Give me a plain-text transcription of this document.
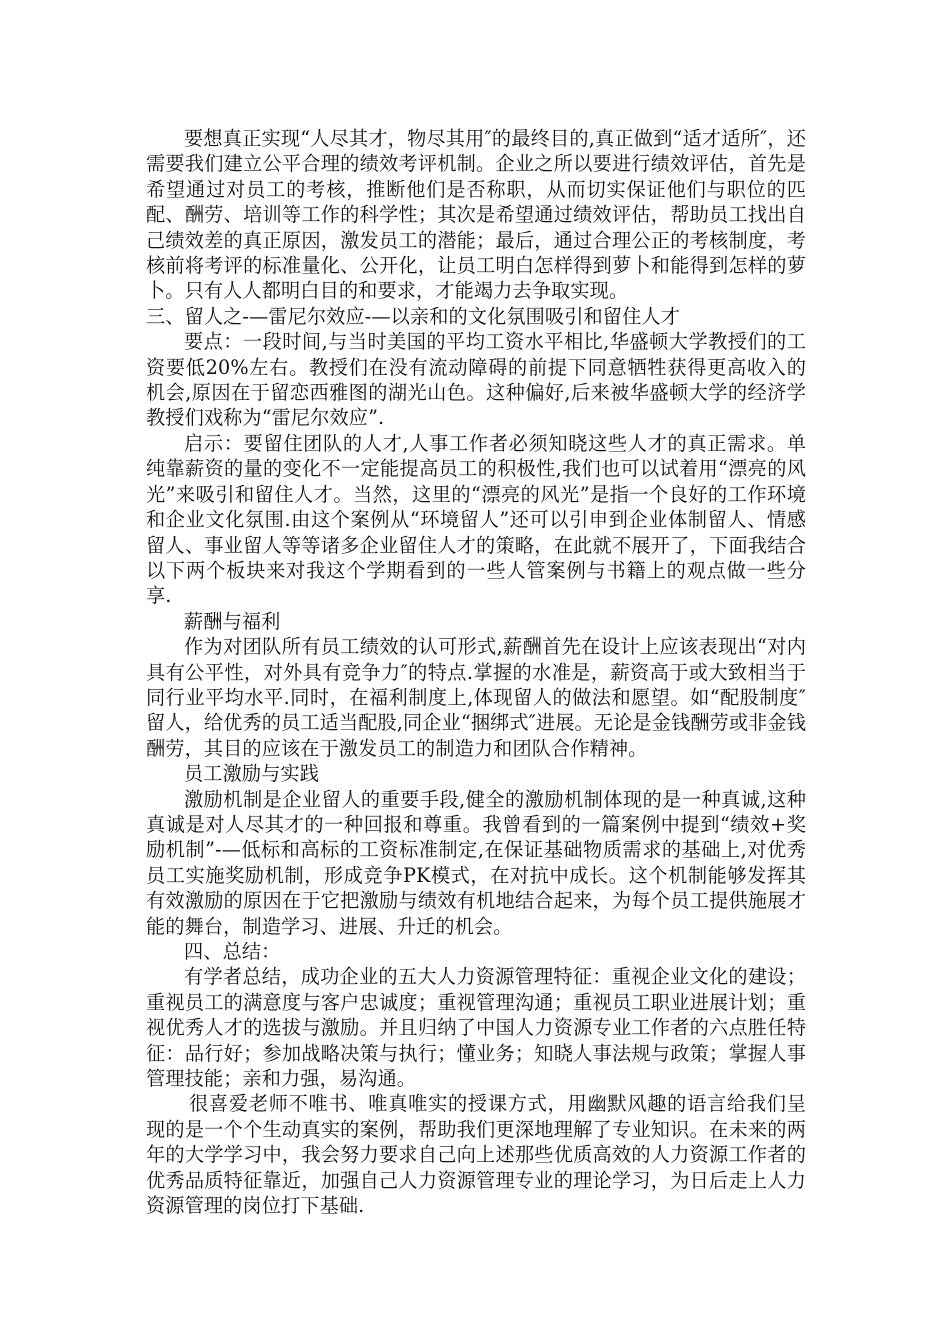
要想真正实现“人尽其才，物尽其用″的最终目的,真正做到“适才适所″，还需要我们建立公平合理的绩效考评机制。企业之所以要进行绩效评估，首先是希望通过对员工的考核，推断他们是否称职，从而切实保证他们与职位的匹配、酬劳、培训等工作的科学性；其次是希望通过绩效评估，帮助员工找出自己绩效差的真正原因，激发员工的潜能；最后，通过合理公正的考核制度，考核前将考评的标准量化、公开化，让员工明白怎样得到萝卜和能得到怎样的萝卜。只有人人都明白目的和要求，才能竭力去争取实现。

三、留人之-—雷尼尔效应-—以亲和的文化氛围吸引和留住人才

要点：一段时间,与当时美国的平均工资水平相比,华盛顿大学教授们的工资要低20%左右。教授们在没有流动障碍的前提下同意牺牲获得更高收入的机会,原因在于留恋西雅图的湖光山色。这种偏好,后来被华盛顿大学的经济学教授们戏称为“雷尼尔效应”.

启示：要留住团队的人才,人事工作者必须知晓这些人才的真正需求。单纯靠薪资的量的变化不一定能提高员工的积极性,我们也可以试着用“漂亮的风光”来吸引和留住人才。当然，这里的“漂亮的风光”是指一个良好的工作环境和企业文化氛围.由这个案例从“环境留人”还可以引申到企业体制留人、情感留人、事业留人等等诸多企业留住人才的策略，在此就不展开了，下面我结合以下两个板块来对我这个学期看到的一些人管案例与书籍上的观点做一些分享.

薪酬与福利

作为对团队所有员工绩效的认可形式,薪酬首先在设计上应该表现出“对内具有公平性，对外具有竞争力″的特点.掌握的水准是，薪资高于或大致相当于同行业平均水平.同时，在福利制度上,体现留人的做法和愿望。如“配股制度″留人，给优秀的员工适当配股,同企业“捆绑式″进展。无论是金钱酬劳或非金钱酬劳，其目的应该在于激发员工的制造力和团队合作精神。

员工激励与实践

激励机制是企业留人的重要手段,健全的激励机制体现的是一种真诚,这种真诚是对人尽其才的一种回报和尊重。我曾看到的一篇案例中提到“绩效+奖励机制”-—低标和高标的工资标准制定,在保证基础物质需求的基础上,对优秀员工实施奖励机制，形成竞争PK模式，在对抗中成长。这个机制能够发挥其有效激励的原因在于它把激励与绩效有机地结合起来，为每个员工提供施展才能的舞台，制造学习、进展、升迁的机会。

四、总结：

有学者总结，成功企业的五大人力资源管理特征：重视企业文化的建设；重视员工的满意度与客户忠诚度；重视管理沟通；重视员工职业进展计划；重视优秀人才的选拔与激励。并且归纳了中国人力资源专业工作者的六点胜任特征：品行好；参加战略决策与执行；懂业务；知晓人事法规与政策；掌握人事管理技能；亲和力强，易沟通。

很喜爱老师不唯书、唯真唯实的授课方式，用幽默风趣的语言给我们呈现的是一个个生动真实的案例，帮助我们更深地理解了专业知识。在未来的两年的大学学习中，我会努力要求自己向上述那些优质高效的人力资源工作者的优秀品质特征靠近，加强自己人力资源管理专业的理论学习，为日后走上人力资源管理的岗位打下基础.
